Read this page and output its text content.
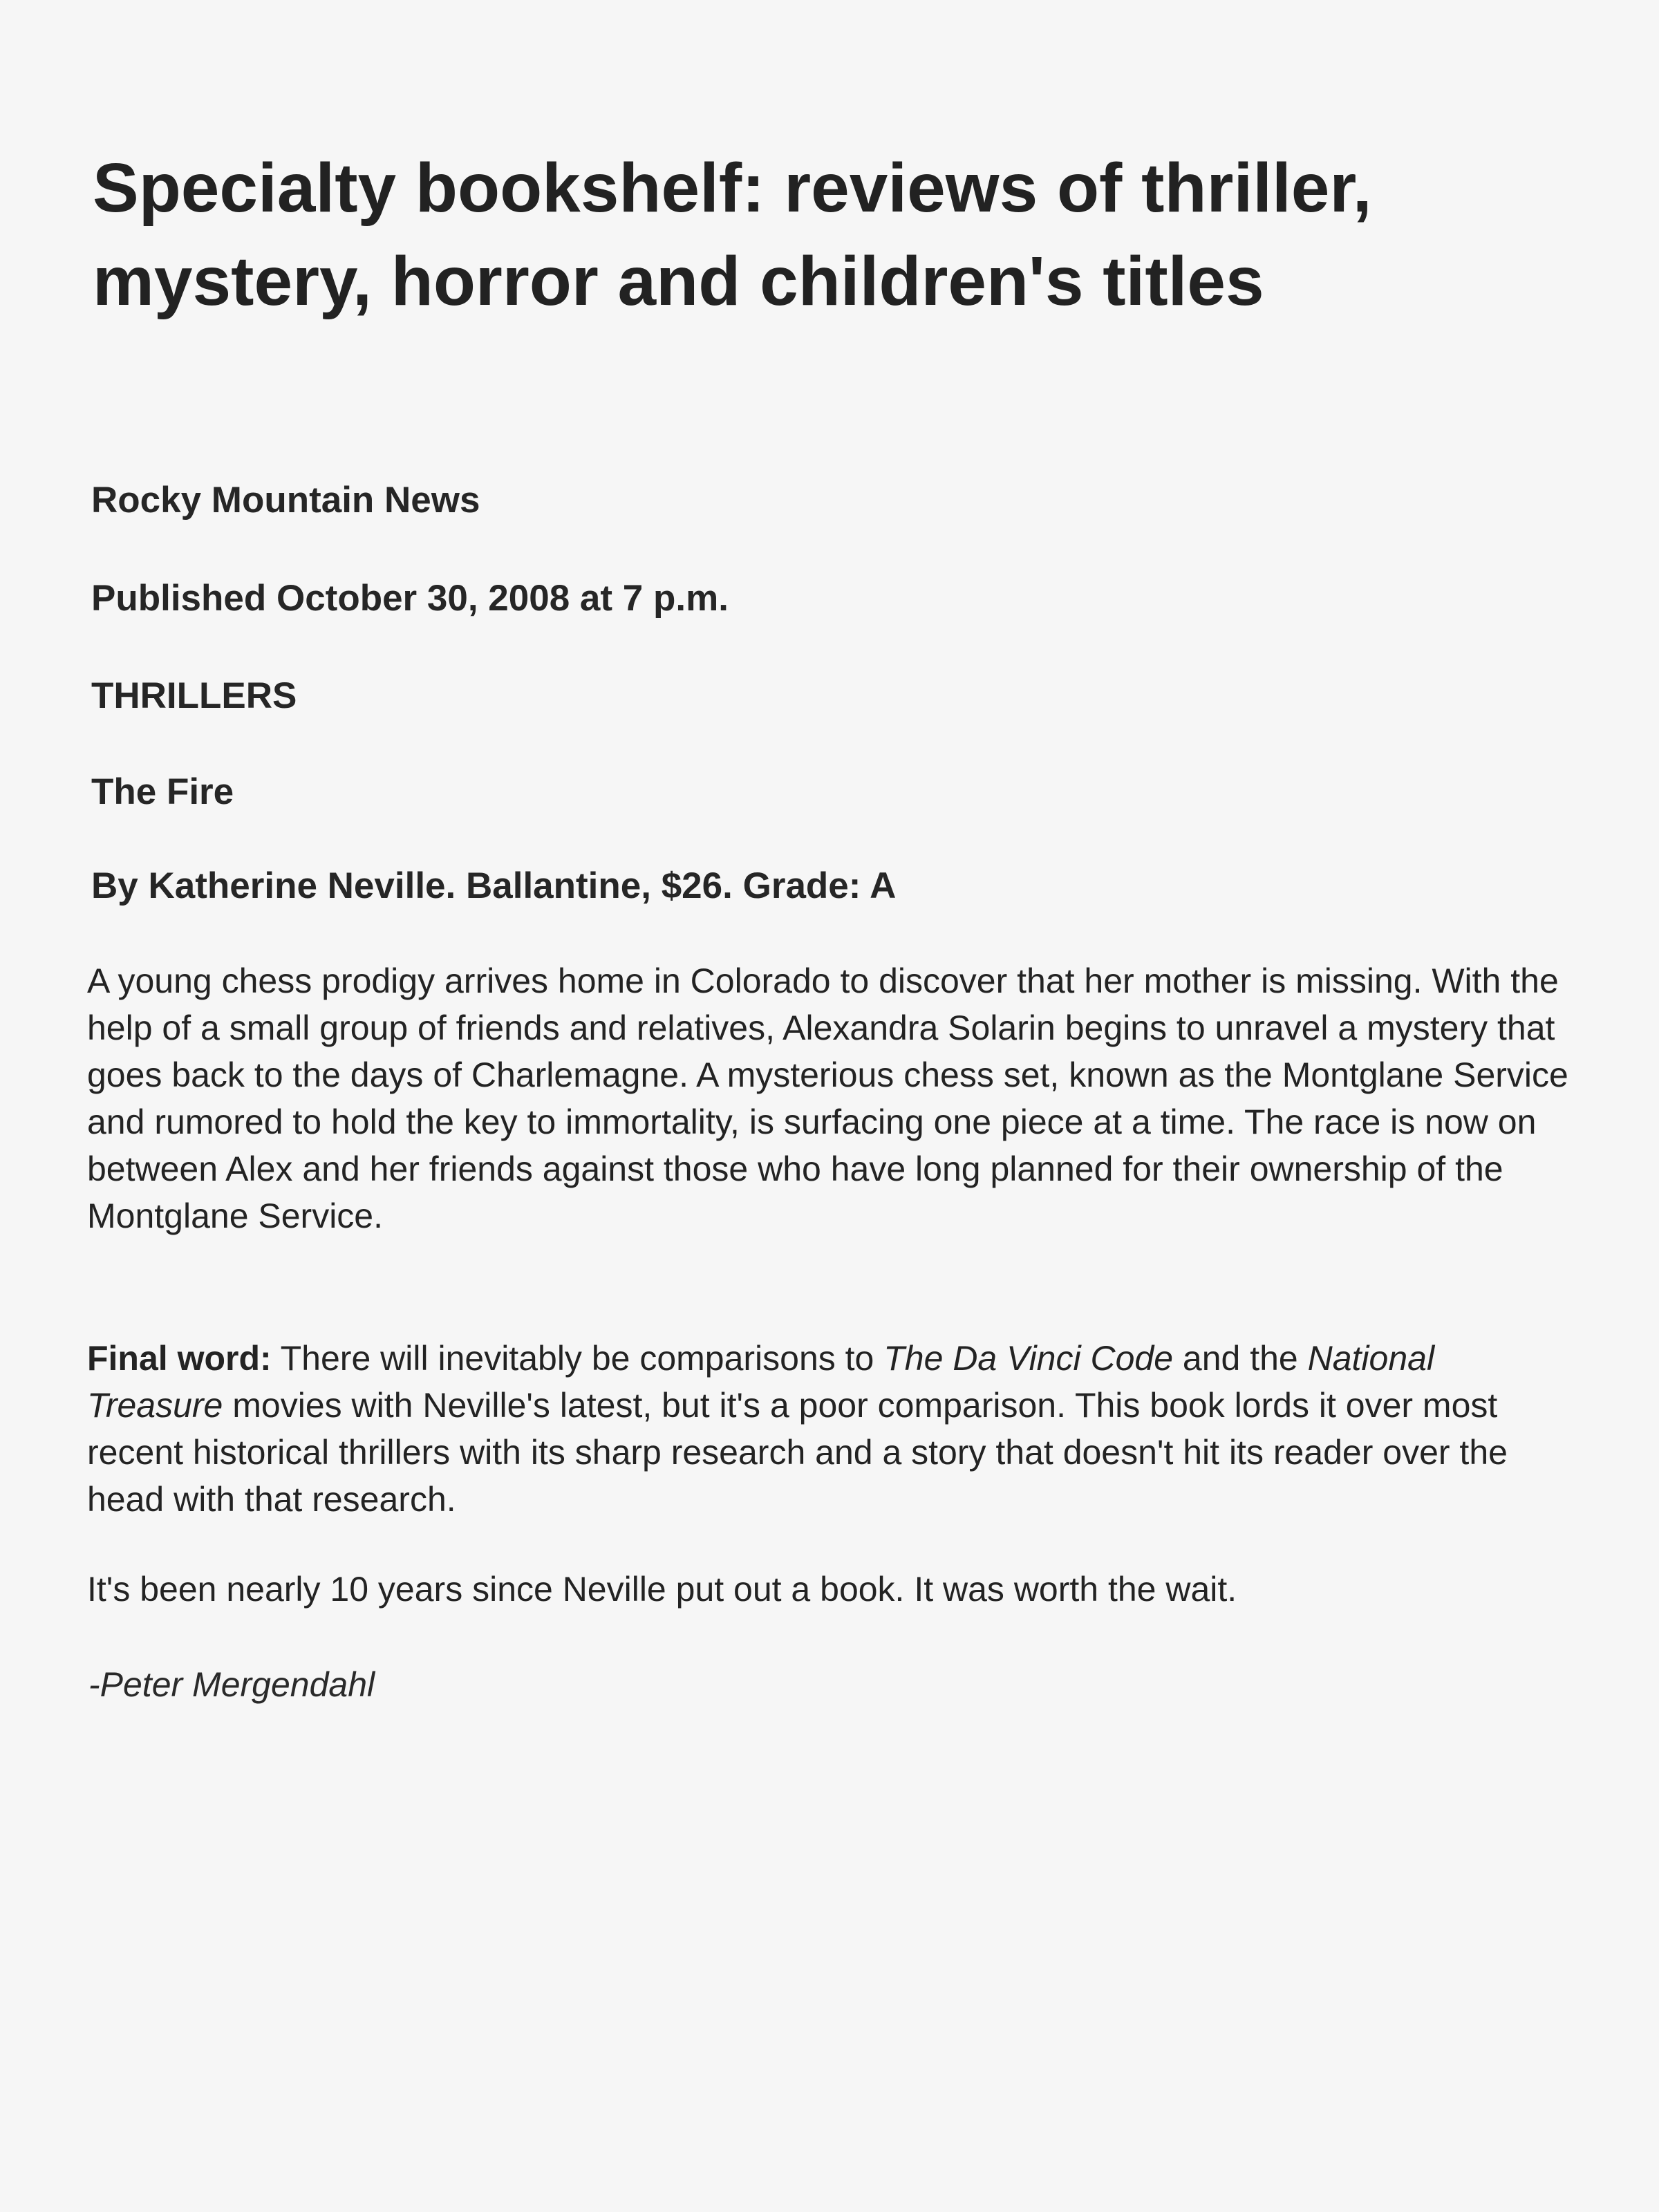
Specialty bookshelf: reviews of thriller, mystery, horror and children's titles

Rocky Mountain News

Published October 30, 2008 at 7 p.m.

THRILLERS

The Fire

By Katherine Neville. Ballantine, $26. Grade: A

A young chess prodigy arrives home in Colorado to discover that her mother is missing. With the help of a small group of friends and relatives, Alexandra Solarin begins to unravel a mystery that goes back to the days of Charlemagne. A mysterious chess set, known as the Montglane Service and rumored to hold the key to immortality, is surfacing one piece at a time. The race is now on between Alex and her friends against those who have long planned for their ownership of the Montglane Service.

Final word: There will inevitably be comparisons to The Da Vinci Code and the National Treasure movies with Neville's latest, but it's a poor comparison. This book lords it over most recent historical thrillers with its sharp research and a story that doesn't hit its reader over the head with that research.

It's been nearly 10 years since Neville put out a book. It was worth the wait.

-Peter Mergendahl
